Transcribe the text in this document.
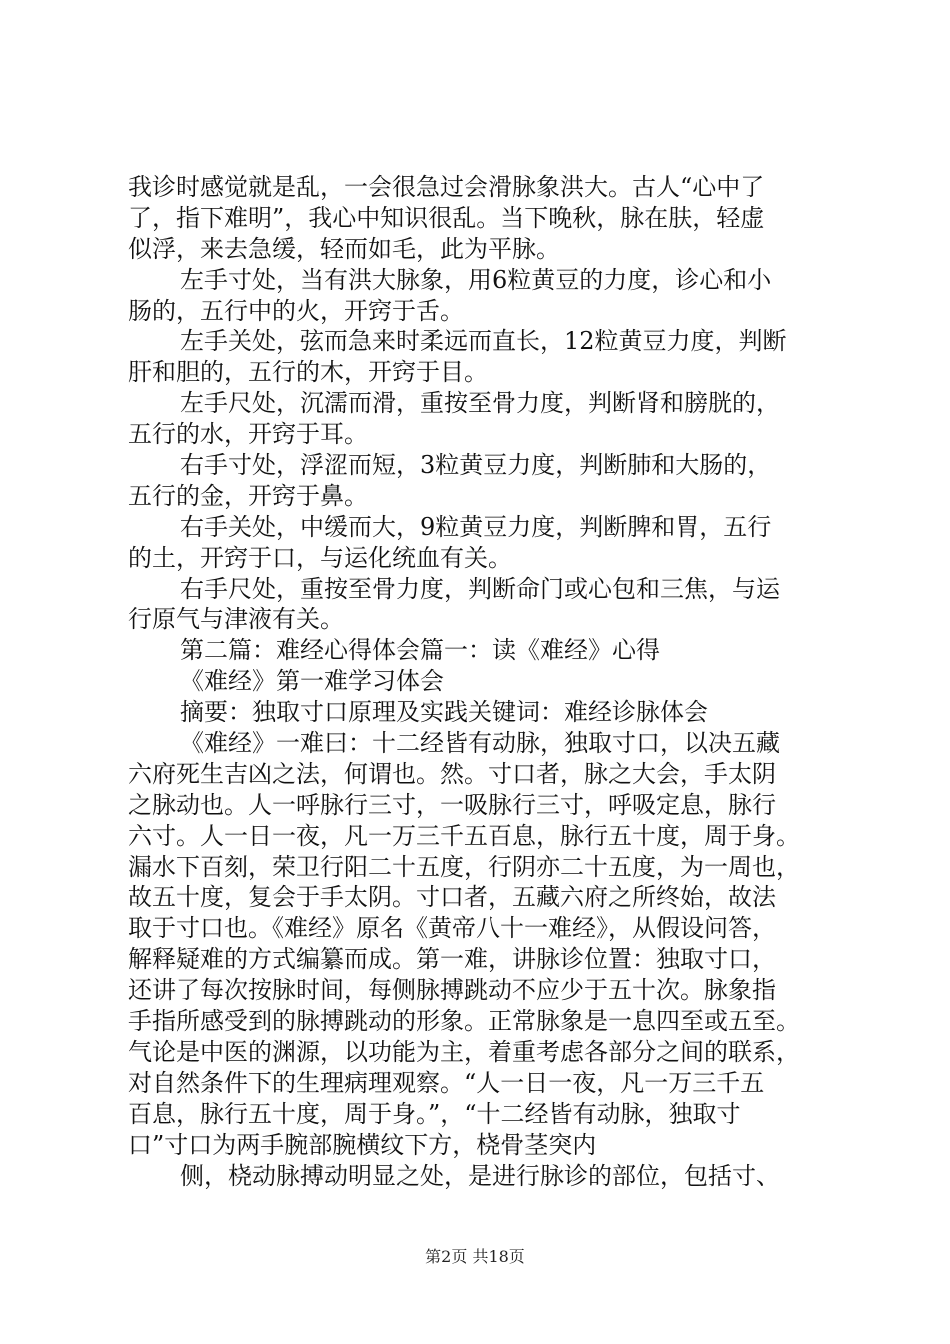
我诊时感觉就是乱，一会很急过会滑脉象洪大。古人“心中了
了，指下难明”，我心中知识很乱。当下晚秋，脉在肤，轻虚
似浮，来去急缓，轻而如毛，此为平脉。
左手寸处，当有洪大脉象，用6粒黄豆的力度，诊心和小
肠的，五行中的火，开窍于舌。
左手关处，弦而急来时柔远而直长，12粒黄豆力度，判断
肝和胆的，五行的木，开窍于目。
左手尺处，沉濡而滑，重按至骨力度，判断肾和膀胱的，
五行的水，开窍于耳。
右手寸处，浮涩而短，3粒黄豆力度，判断肺和大肠的，
五行的金，开窍于鼻。
右手关处，中缓而大，9粒黄豆力度，判断脾和胃，五行
的土，开窍于口，与运化统血有关。
右手尺处，重按至骨力度，判断命门或心包和三焦，与运
行原气与津液有关。
第二篇：难经心得体会篇一：读《难经》心得
《难经》第一难学习体会
摘要：独取寸口原理及实践关键词：难经诊脉体会
《难经》一难曰：十二经皆有动脉，独取寸口，以决五藏
六府死生吉凶之法，何谓也。然。寸口者，脉之大会，手太阴
之脉动也。人一呼脉行三寸，一吸脉行三寸，呼吸定息，脉行
六寸。人一日一夜，凡一万三千五百息，脉行五十度，周于身。
漏水下百刻，荣卫行阳二十五度，行阴亦二十五度，为一周也，
故五十度，复会于手太阴。寸口者，五藏六府之所终始，故法
取于寸口也。《难经》原名《黄帝八十一难经》，从假设问答，
解释疑难的方式编纂而成。第一难，讲脉诊位置：独取寸口，
还讲了每次按脉时间，每侧脉搏跳动不应少于五十次。脉象指
手指所感受到的脉搏跳动的形象。正常脉象是一息四至或五至。
气论是中医的渊源，以功能为主，着重考虑各部分之间的联系，
对自然条件下的生理病理观察。“人一日一夜，凡一万三千五
百息，脉行五十度，周于身。”，“十二经皆有动脉，独取寸
口”寸口为两手腕部腕横纹下方，桡骨茎突内
侧，桡动脉搏动明显之处，是进行脉诊的部位，包括寸、
第2页 共18页
